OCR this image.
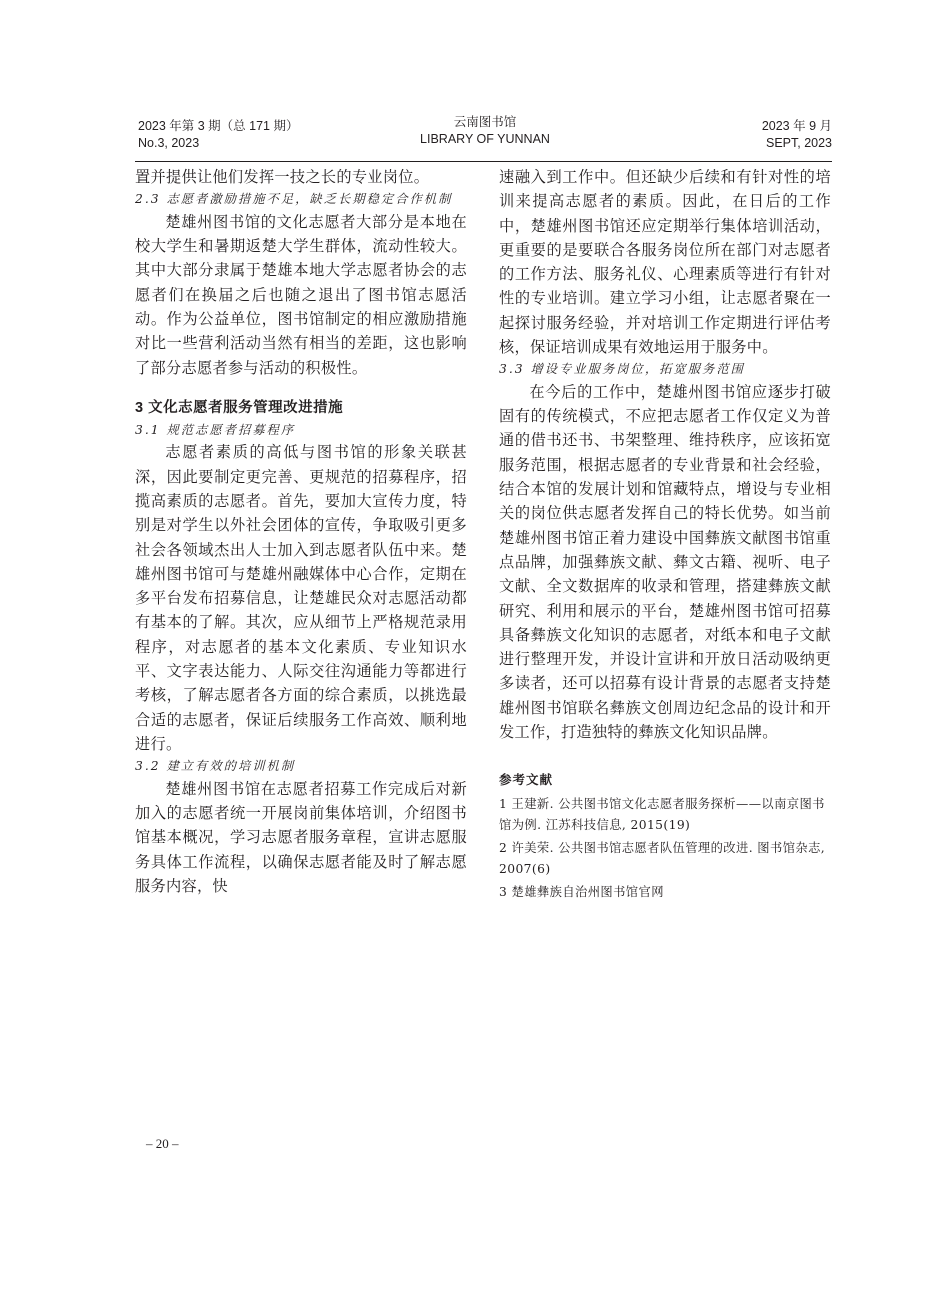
2023 年第 3 期（总 171 期）
No.3, 2023
云南图书馆
LIBRARY OF YUNNAN
2023 年 9 月
SEPT, 2023

置并提供让他们发挥一技之长的专业岗位。

2.3 志愿者激励措施不足，缺乏长期稳定合作机制

楚雄州图书馆的文化志愿者大部分是本地在校大学生和暑期返楚大学生群体，流动性较大。其中大部分隶属于楚雄本地大学志愿者协会的志愿者们在换届之后也随之退出了图书馆志愿活动。作为公益单位，图书馆制定的相应激励措施对比一些营利活动当然有相当的差距，这也影响了部分志愿者参与活动的积极性。

3 文化志愿者服务管理改进措施

3.1 规范志愿者招募程序

志愿者素质的高低与图书馆的形象关联甚深，因此要制定更完善、更规范的招募程序，招揽高素质的志愿者。首先，要加大宣传力度，特别是对学生以外社会团体的宣传，争取吸引更多社会各领域杰出人士加入到志愿者队伍中来。楚雄州图书馆可与楚雄州融媒体中心合作，定期在多平台发布招募信息，让楚雄民众对志愿活动都有基本的了解。其次，应从细节上严格规范录用程序，对志愿者的基本文化素质、专业知识水平、文字表达能力、人际交往沟通能力等都进行考核，了解志愿者各方面的综合素质，以挑选最合适的志愿者，保证后续服务工作高效、顺利地进行。

3.2 建立有效的培训机制

楚雄州图书馆在志愿者招募工作完成后对新加入的志愿者统一开展岗前集体培训，介绍图书馆基本概况，学习志愿者服务章程，宣讲志愿服务具体工作流程，以确保志愿者能及时了解志愿服务内容，快

速融入到工作中。但还缺少后续和有针对性的培训来提高志愿者的素质。因此，在日后的工作中，楚雄州图书馆还应定期举行集体培训活动，更重要的是要联合各服务岗位所在部门对志愿者的工作方法、服务礼仪、心理素质等进行有针对性的专业培训。建立学习小组，让志愿者聚在一起探讨服务经验，并对培训工作定期进行评估考核，保证培训成果有效地运用于服务中。

3.3 增设专业服务岗位，拓宽服务范围

在今后的工作中，楚雄州图书馆应逐步打破固有的传统模式，不应把志愿者工作仅定义为普通的借书还书、书架整理、维持秩序，应该拓宽服务范围，根据志愿者的专业背景和社会经验，结合本馆的发展计划和馆藏特点，增设与专业相关的岗位供志愿者发挥自己的特长优势。如当前楚雄州图书馆正着力建设中国彝族文献图书馆重点品牌，加强彝族文献、彝文古籍、视听、电子文献、全文数据库的收录和管理，搭建彝族文献研究、利用和展示的平台，楚雄州图书馆可招募具备彝族文化知识的志愿者，对纸本和电子文献进行整理开发，并设计宣讲和开放日活动吸纳更多读者，还可以招募有设计背景的志愿者支持楚雄州图书馆联名彝族文创周边纪念品的设计和开发工作，打造独特的彝族文化知识品牌。

参考文献

1 王建新. 公共图书馆文化志愿者服务探析——以南京图书馆为例. 江苏科技信息, 2015(19)

2 许美荣. 公共图书馆志愿者队伍管理的改进. 图书馆杂志, 2007(6)

3 楚雄彝族自治州图书馆官网

– 20 –
